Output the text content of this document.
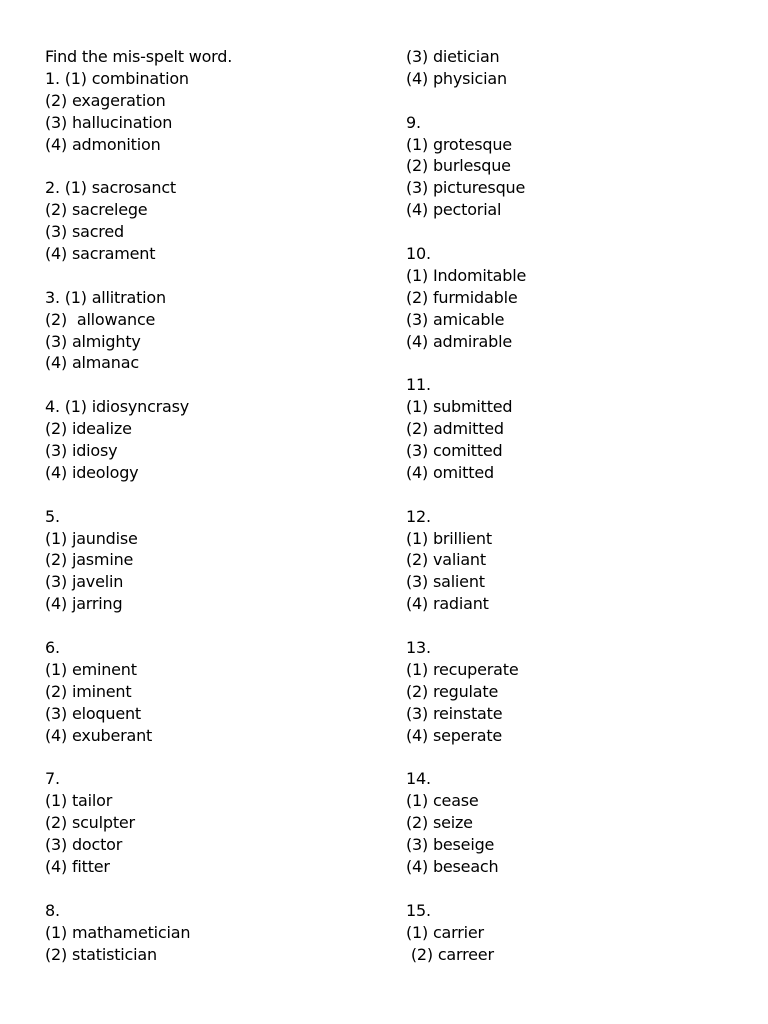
Find the mis-spelt word.
1. (1) combination
(2) exageration
(3) hallucination
(4) admonition
2. (1) sacrosanct
(2) sacrelege
(3) sacred
(4) sacrament
3. (1) allitration
(2)  allowance
(3) almighty
(4) almanac
4. (1) idiosyncrasy
(2) idealize
(3) idiosy
(4) ideology
5.
(1) jaundise
(2) jasmine
(3) javelin
(4) jarring
6.
(1) eminent
(2) iminent
(3) eloquent
(4) exuberant
7.
(1) tailor
(2) sculpter
(3) doctor
(4) fitter
8.
(1) mathametician
(2) statistician
(3) dietician
(4) physician
9.
(1) grotesque
(2) burlesque
(3) picturesque
(4) pectorial
10.
(1) Indomitable
(2) furmidable
(3) amicable
(4) admirable
11.
(1) submitted
(2) admitted
(3) comitted
(4) omitted
12.
(1) brillient
(2) valiant
(3) salient
(4) radiant
13.
(1) recuperate
(2) regulate
(3) reinstate
(4) seperate
14.
(1) cease
(2) seize
(3) beseige
(4) beseach
15.
(1) carrier
(2) carreer
